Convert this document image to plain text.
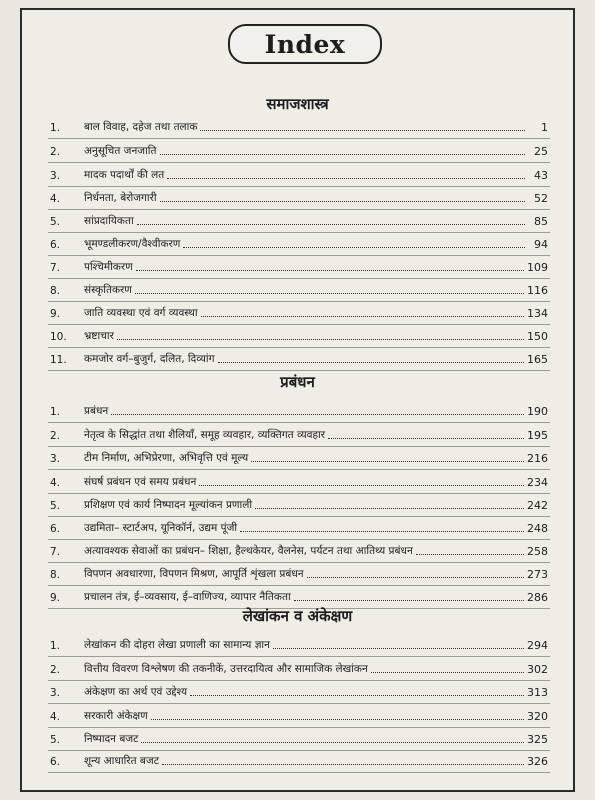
Index
समाजशास्त्र
1.	बाल विवाह, दहेज तथा तलाक	1
2.	अनुसूचित जनजाति	25
3.	मादक पदार्थों की लत	43
4.	निर्धनता, बेरोजगारी	52
5.	सांप्रदायिकता	85
6.	भूमण्डलीकरण/वैश्वीकरण	94
7.	पश्चिमीकरण	109
8.	संस्कृतिकरण	116
9.	जाति व्यवस्था एवं वर्ग व्यवस्था	134
10.	भ्रष्टाचार	150
11.	कमजोर वर्ग–बुजुर्ग, दलित, दिव्यांग	165
प्रबंधन
1.	प्रबंधन	190
2.	नेतृत्व के सिद्धांत तथा शैलियाँ, समूह व्यवहार, व्यक्तिगत व्यवहार	195
3.	टीम निर्माण, अभिप्रेरणा, अभिवृत्ति एवं मूल्य	216
4.	संघर्ष प्रबंधन एवं समय प्रबंधन	234
5.	प्रशिक्षण एवं कार्य निष्पादन मूल्यांकन प्रणाली	242
6.	उद्यमिता– स्टार्टअप, यूनिकॉर्न, उद्यम पूंजी	248
7.	अत्यावश्यक सेवाओं का प्रबंधन– शिक्षा, हैल्थकेयर, वैलनेस, पर्यटन तथा आतिथ्य प्रबंधन	258
8.	विपणन अवधारणा, विपणन मिश्रण, आपूर्ति शृंखला प्रबंधन	273
9.	प्रचालन तंत्र, ई–व्यवसाय, ई–वाणिज्य, व्यापार नैतिकता	286
लेखांकन व अंकेक्षण
1.	लेखांकन की दोहरा लेखा प्रणाली का सामान्य ज्ञान	294
2.	वित्तीय विवरण विश्लेषण की तकनीकें, उत्तरदायित्व और सामाजिक लेखांकन	302
3.	अंकेक्षण का अर्थ एवं उद्देश्य	313
4.	सरकारी अंकेक्षण	320
5.	निष्पादन बजट	325
6.	शून्य आधारित बजट	326
